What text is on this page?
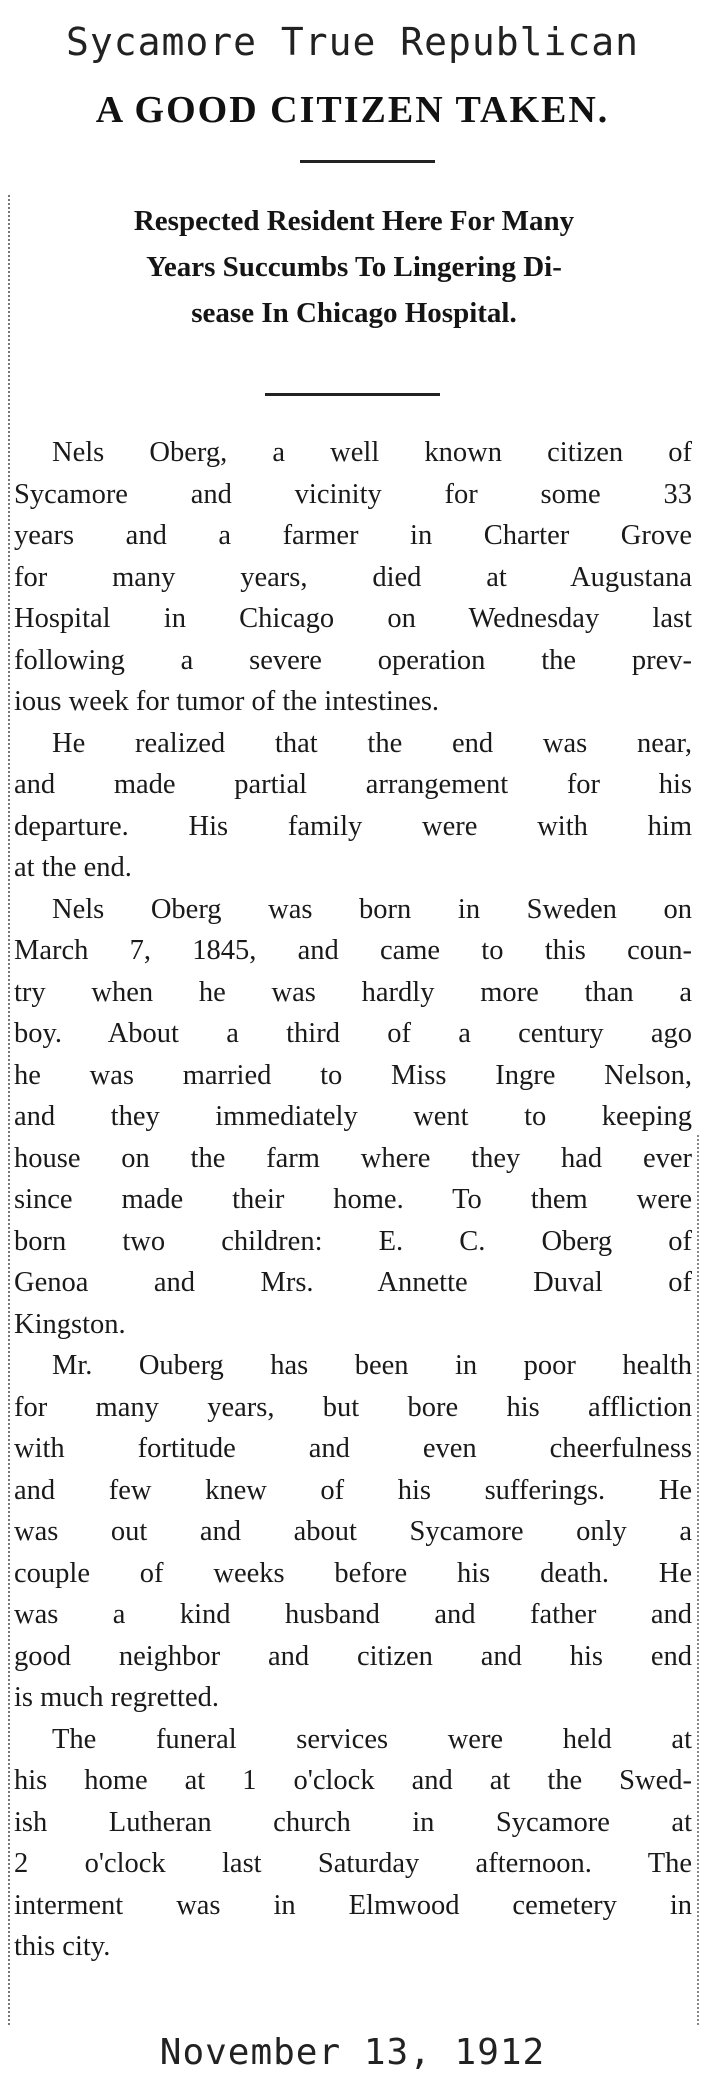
Sycamore True Republican
A GOOD CITIZEN TAKEN.
Respected Resident Here For Many
Years Succumbs To Lingering Di-
sease In Chicago Hospital.

Nels Oberg, a well known citizen of
Sycamore and vicinity for some 33
years and a farmer in Charter Grove
for many years, died at Augustana
Hospital in Chicago on Wednesday last
following a severe operation the prev-
ious week for tumor of the intestines.

He realized that the end was near,
and made partial arrangement for his
departure. His family were with him
at the end.

Nels Oberg was born in Sweden on
March 7, 1845, and came to this coun-
try when he was hardly more than a
boy. About a third of a century ago
he was married to Miss Ingre Nelson,
and they immediately went to keeping
house on the farm where they had ever
since made their home. To them were
born two children: E. C. Oberg of
Genoa and Mrs. Annette Duval of
Kingston.

Mr. Ouberg has been in poor health
for many years, but bore his affliction
with fortitude and even cheerfulness
and few knew of his sufferings. He
was out and about Sycamore only a
couple of weeks before his death. He
was a kind husband and father and
good neighbor and citizen and his end
is much regretted.

The funeral services were held at
his home at 1 o'clock and at the Swed-
ish Lutheran church in Sycamore at
2 o'clock last Saturday afternoon. The
interment was in Elmwood cemetery in
this city.

November 13, 1912
